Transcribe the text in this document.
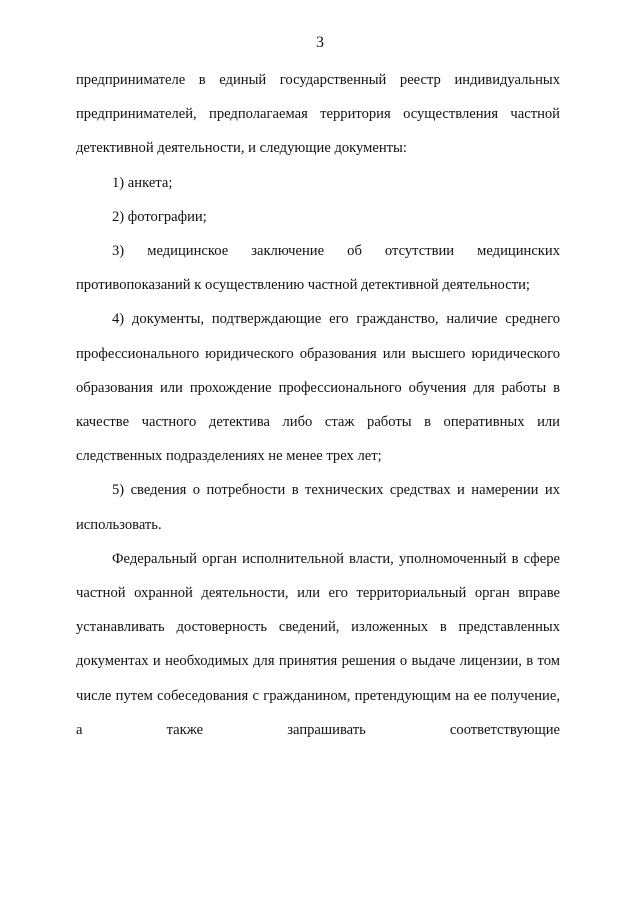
3

предпринимателе в единый государственный реестр индивидуальных предпринимателей, предполагаемая территория осуществления частной детективной деятельности, и следующие документы:

1) анкета;

2) фотографии;

3) медицинское заключение об отсутствии медицинских противопоказаний к осуществлению частной детективной деятельности;

4) документы, подтверждающие его гражданство, наличие среднего профессионального юридического образования или высшего юридического образования или прохождение профессионального обучения для работы в качестве частного детектива либо стаж работы в оперативных или следственных подразделениях не менее трех лет;

5) сведения о потребности в технических средствах и намерении их использовать.

Федеральный орган исполнительной власти, уполномоченный в сфере частной охранной деятельности, или его территориальный орган вправе устанавливать достоверность сведений, изложенных в представленных документах и необходимых для принятия решения о выдаче лицензии, в том числе путем собеседования с гражданином, претендующим на ее получение, а также запрашивать соответствующие
